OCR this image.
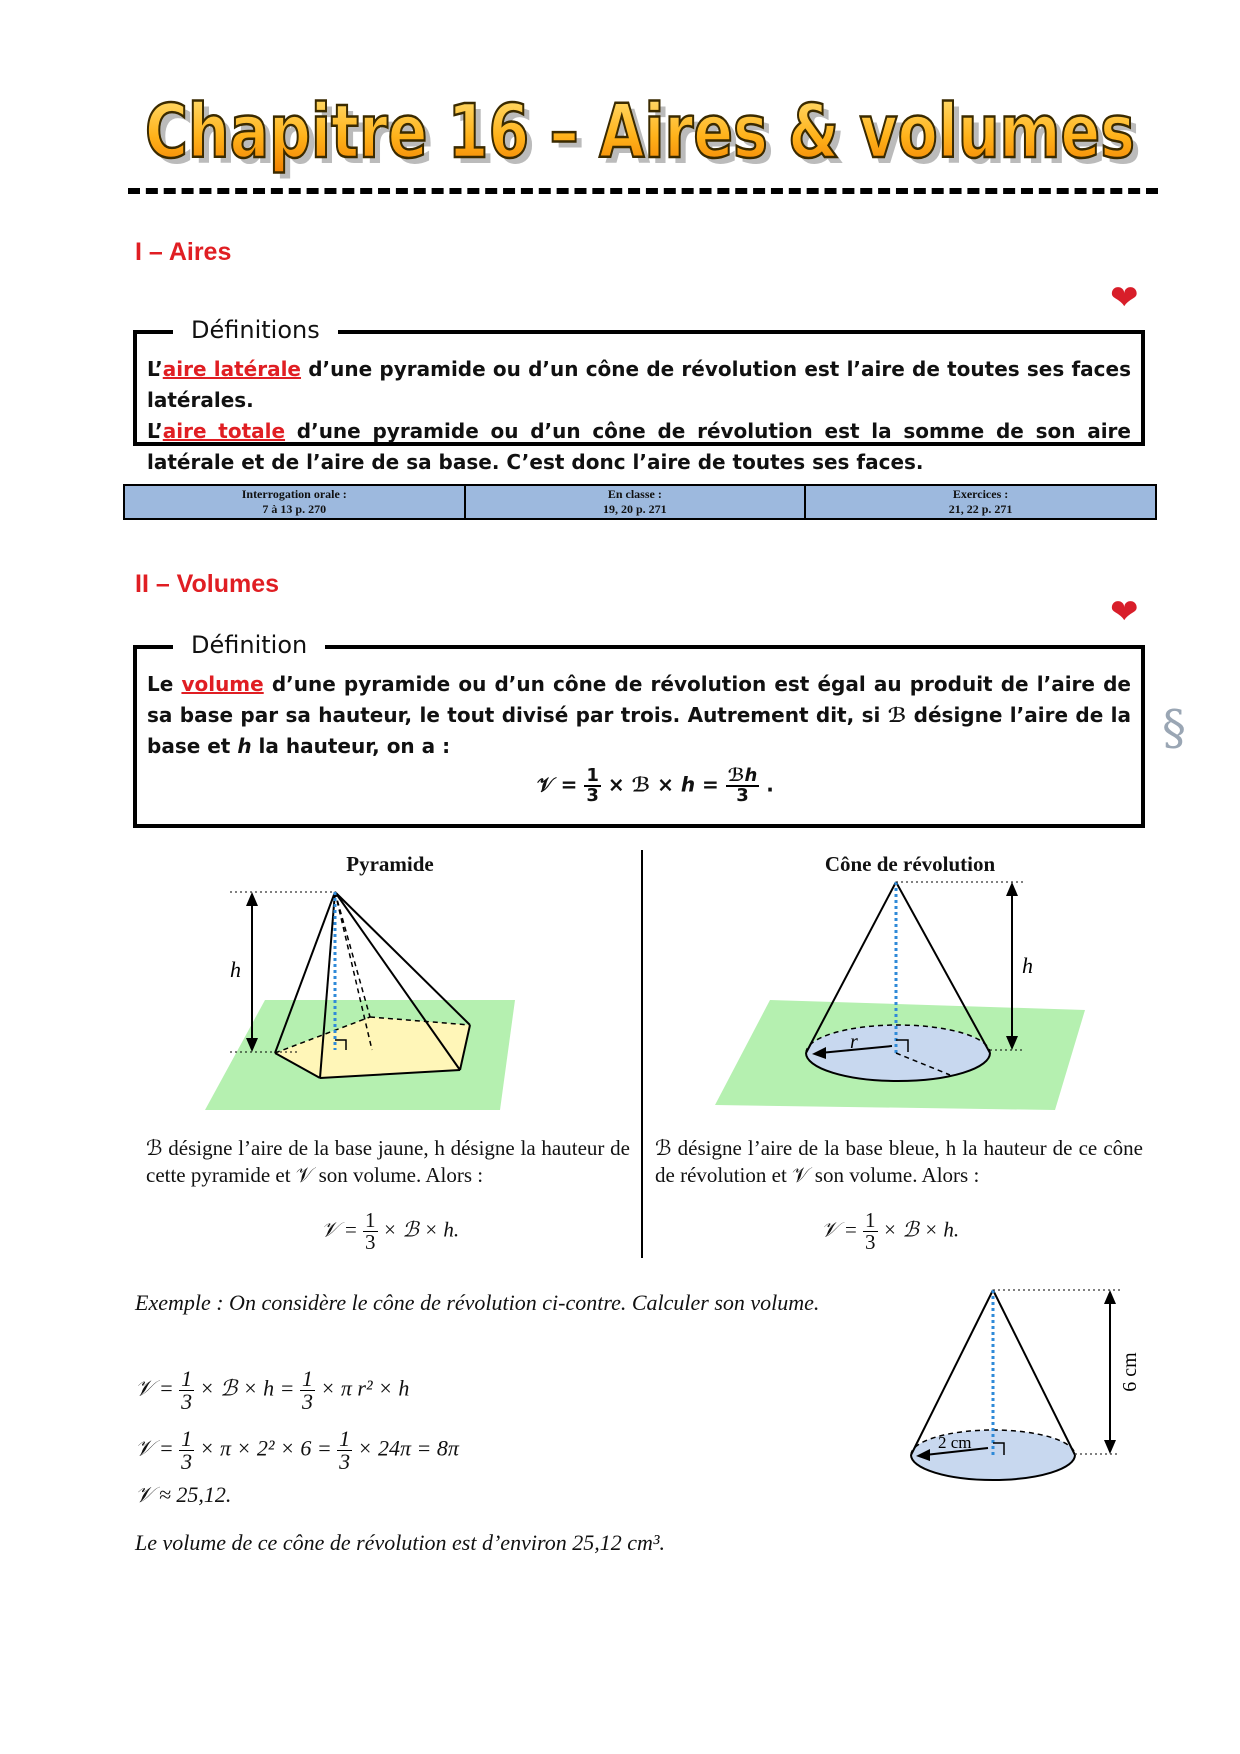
Chapitre 16 – Aires & volumes
Chapitre 16 – Aires & volumes
I – Aires
❤
Définitions

L’aire latérale d’une pyramide ou d’un cône de révolution est l’aire de toutes ses faces latérales.

L’aire totale d’une pyramide ou d’un cône de révolution est la somme de son aire latérale et de l’aire de sa base. C’est donc l’aire de toutes ses faces.

Interrogation orale :
7 à 13 p. 270

En classe :
19, 20 p. 271

Exercices :
21, 22 p. 271
II – Volumes
❤
§
Définition

Le volume d’une pyramide ou d’un cône de révolution est égal au produit de l’aire de sa base par sa hauteur, le tout divisé par trois. Autrement dit, si ℬ désigne l’aire de la base et h la hauteur, on a :

𝒱 = $\frac{1}{3}$ × ℬ × $h = \frac{\text{ℬh}}{3}$ .
Pyramide
h
ℬ désigne l’aire de la base jaune, h désigne la hauteur de cette pyramide et 𝒱 son volume. Alors :
𝒱 = $\frac{1}{3}$ × ℬ × h.
Cône de révolution
r
h
ℬ désigne l’aire de la base bleue, h la hauteur de ce cône de révolution et 𝒱 son volume. Alors :
𝒱 = $\frac{1}{3}$ × ℬ × h.
Exemple : On considère le cône de révolution ci-contre. Calculer son volume.
𝒱 = $\frac{1}{3}$ × ℬ × $h = \frac{1}{3} \times \pi$ r² × h
𝒱 = $\frac{1}{3} \times \pi \times 2^2 \times 6 = \frac{1}{3} \times 24\pi = 8\pi$
𝒱 ≈ 25,12.
Le volume de ce cône de révolution est d’environ 25,12 cm³.
2 cm
6 cm
